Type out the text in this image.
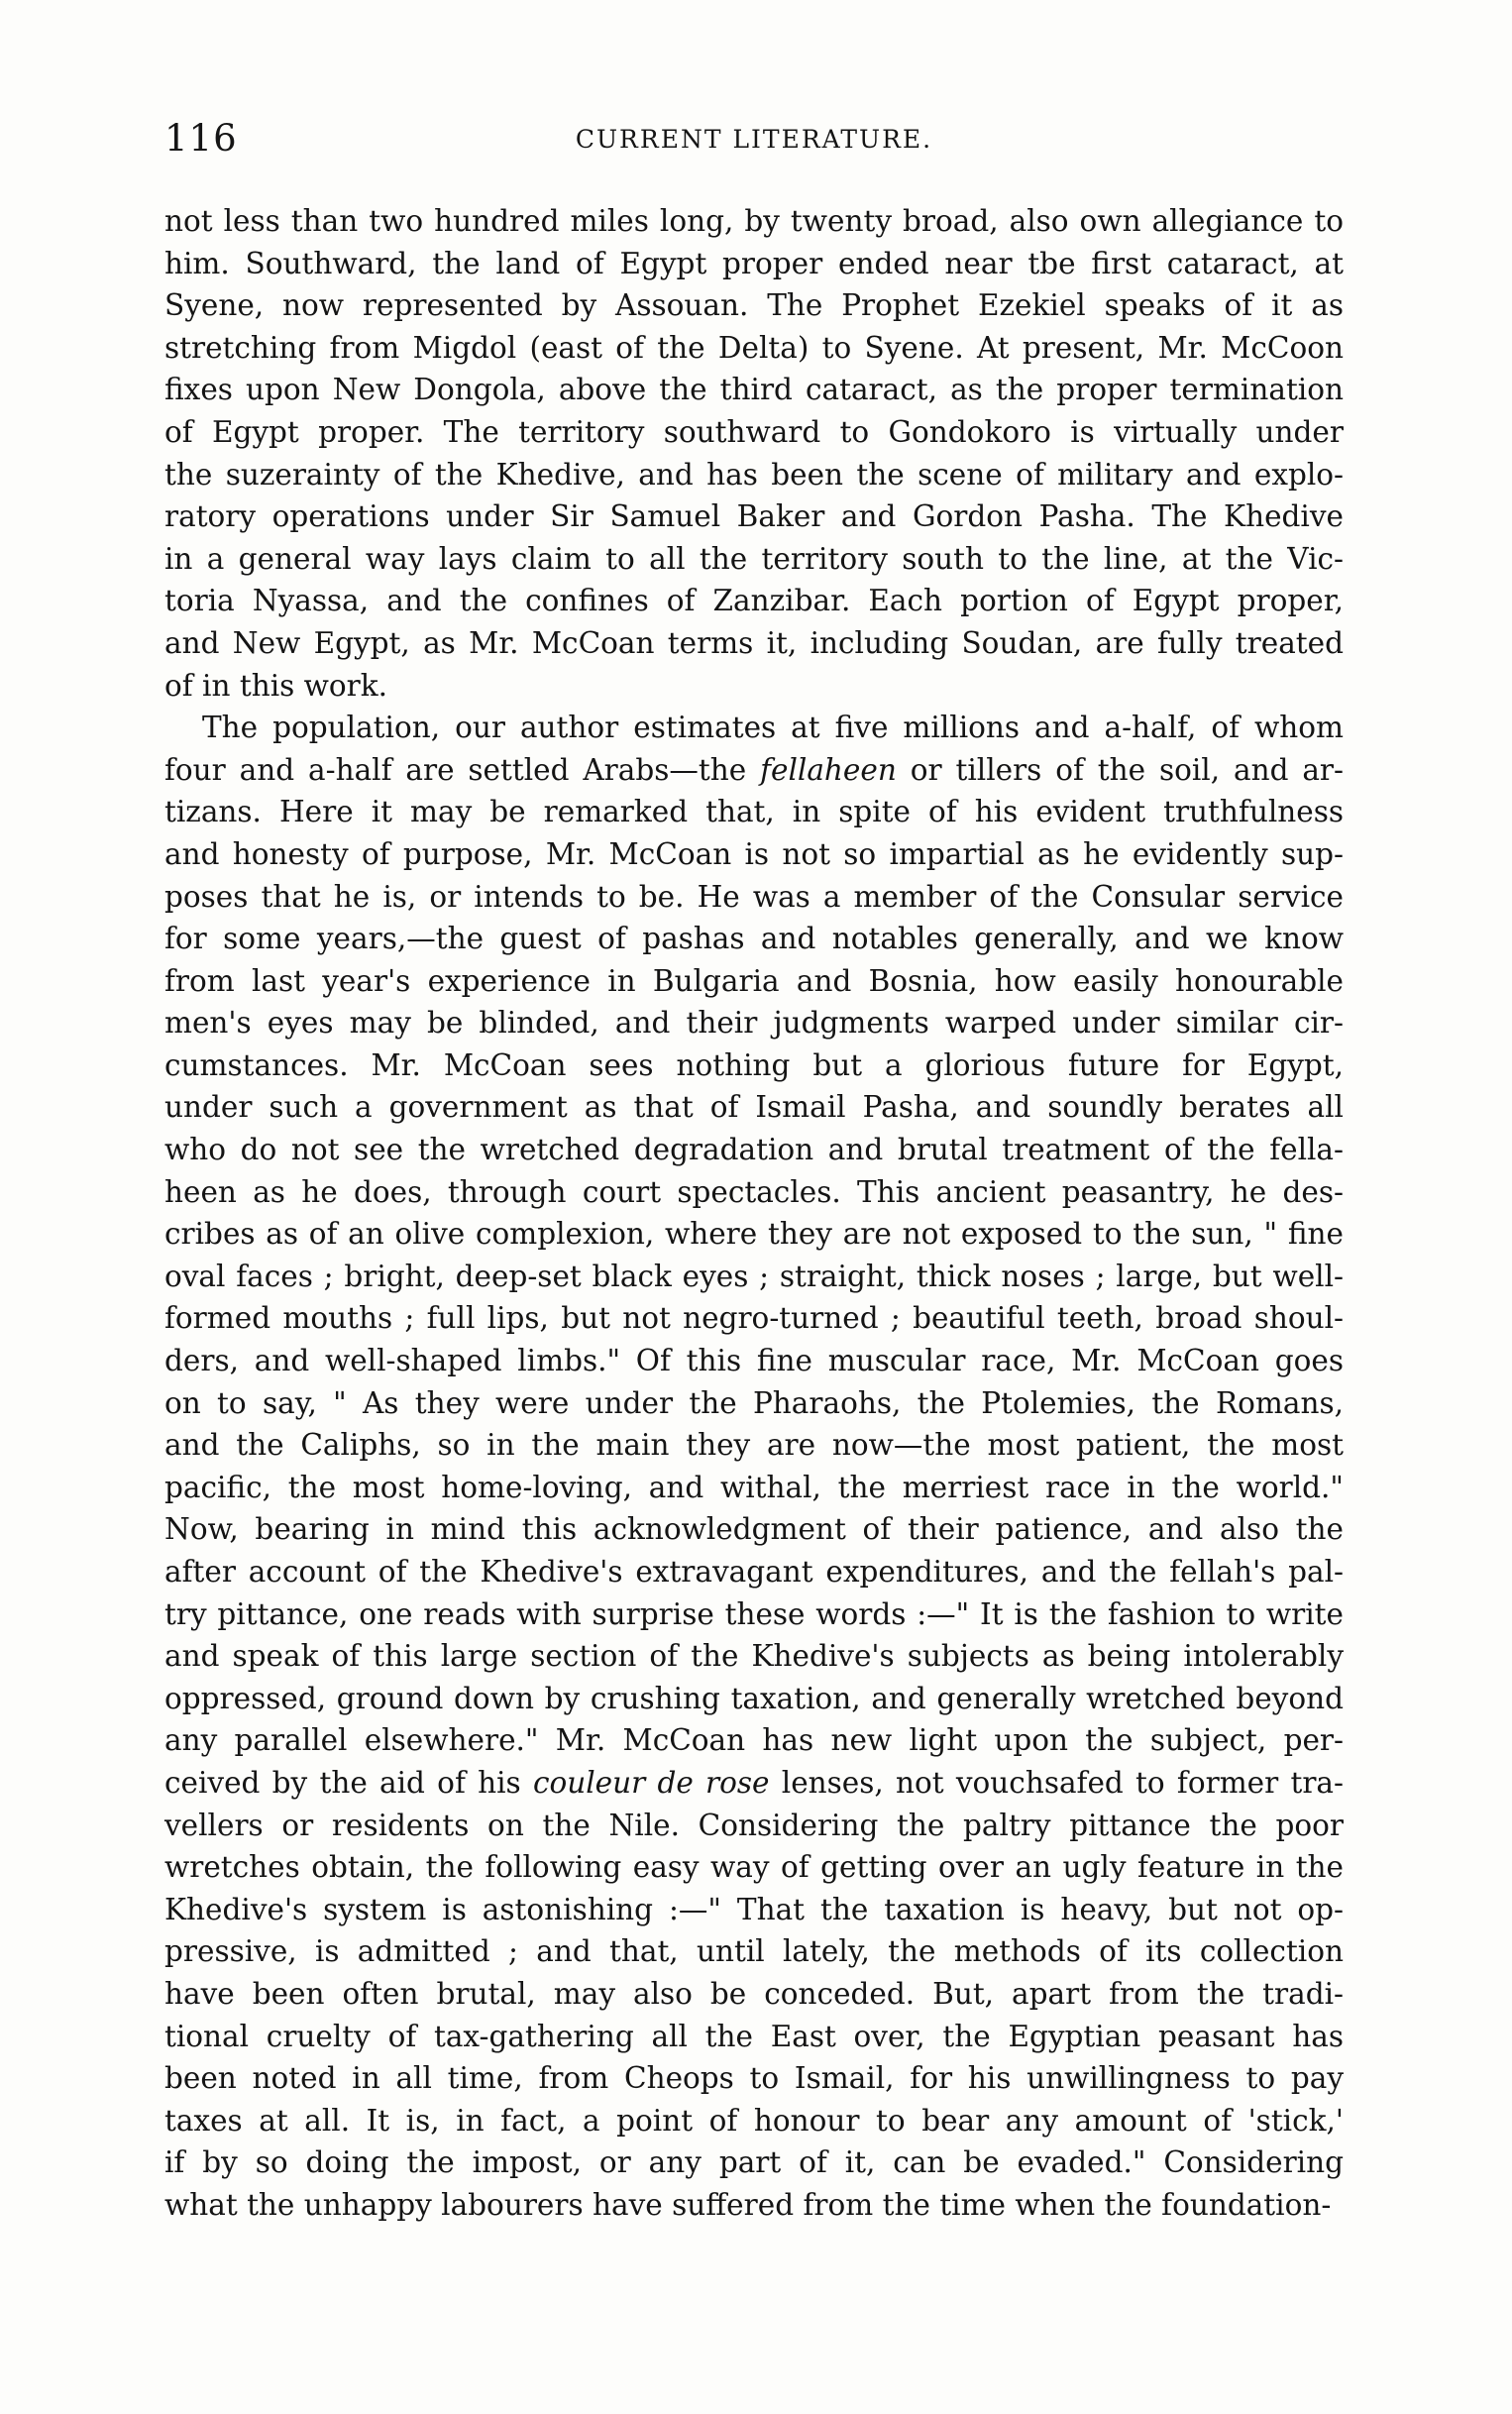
116	CURRENT LITERATURE.
not less than two hundred miles long, by twenty broad, also own allegiance to
him. Southward, the land of Egypt proper ended near tbe first cataract, at
Syene, now represented by Assouan. The Prophet Ezekiel speaks of it as
stretching from Migdol (east of the Delta) to Syene. At present, Mr. McCoon
fixes upon New Dongola, above the third cataract, as the proper termination
of Egypt proper. The territory southward to Gondokoro is virtually under
the suzerainty of the Khedive, and has been the scene of military and explo-
ratory operations under Sir Samuel Baker and Gordon Pasha. The Khedive
in a general way lays claim to all the territory south to the line, at the Vic-
toria Nyassa, and the confines of Zanzibar. Each portion of Egypt proper,
and New Egypt, as Mr. McCoan terms it, including Soudan, are fully treated
of in this work.
The population, our author estimates at five millions and a-half, of whom
four and a-half are settled Arabs—the fellaheen or tillers of the soil, and ar-
tizans. Here it may be remarked that, in spite of his evident truthfulness
and honesty of purpose, Mr. McCoan is not so impartial as he evidently sup-
poses that he is, or intends to be. He was a member of the Consular service
for some years,—the guest of pashas and notables generally, and we know
from last year's experience in Bulgaria and Bosnia, how easily honourable
men's eyes may be blinded, and their judgments warped under similar cir-
cumstances. Mr. McCoan sees nothing but a glorious future for Egypt,
under such a government as that of Ismail Pasha, and soundly berates all
who do not see the wretched degradation and brutal treatment of the fella-
heen as he does, through court spectacles. This ancient peasantry, he des-
cribes as of an olive complexion, where they are not exposed to the sun, " fine
oval faces ; bright, deep-set black eyes ; straight, thick noses ; large, but well-
formed mouths ; full lips, but not negro-turned ; beautiful teeth, broad shoul-
ders, and well-shaped limbs." Of this fine muscular race, Mr. McCoan goes
on to say, " As they were under the Pharaohs, the Ptolemies, the Romans,
and the Caliphs, so in the main they are now—the most patient, the most
pacific, the most home-loving, and withal, the merriest race in the world."
Now, bearing in mind this acknowledgment of their patience, and also the
after account of the Khedive's extravagant expenditures, and the fellah's pal-
try pittance, one reads with surprise these words :—" It is the fashion to write
and speak of this large section of the Khedive's subjects as being intolerably
oppressed, ground down by crushing taxation, and generally wretched beyond
any parallel elsewhere." Mr. McCoan has new light upon the subject, per-
ceived by the aid of his couleur de rose lenses, not vouchsafed to former tra-
vellers or residents on the Nile. Considering the paltry pittance the poor
wretches obtain, the following easy way of getting over an ugly feature in the
Khedive's system is astonishing :—" That the taxation is heavy, but not op-
pressive, is admitted ; and that, until lately, the methods of its collection
have been often brutal, may also be conceded. But, apart from the tradi-
tional cruelty of tax-gathering all the East over, the Egyptian peasant has
been noted in all time, from Cheops to Ismail, for his unwillingness to pay
taxes at all. It is, in fact, a point of honour to bear any amount of 'stick,'
if by so doing the impost, or any part of it, can be evaded." Considering
what the unhappy labourers have suffered from the time when the foundation-
